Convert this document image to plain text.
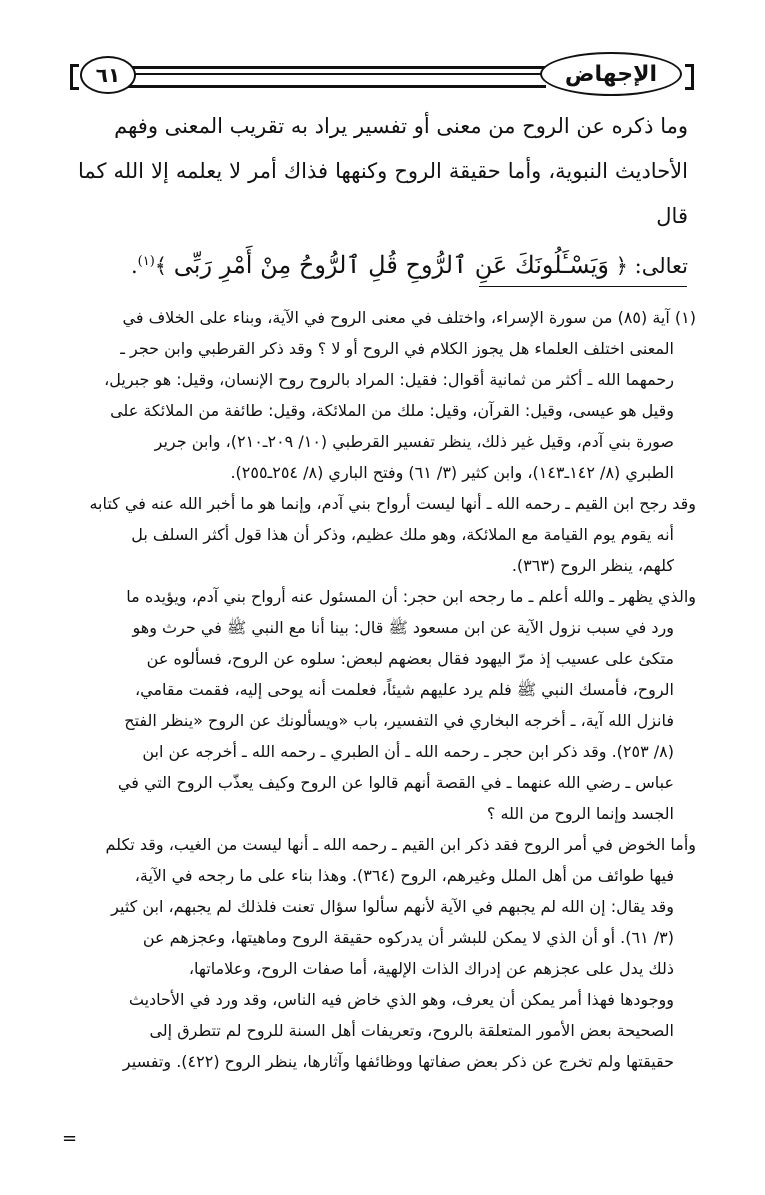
٦١	الإجهاض

وما ذكره عن الروح من معنى أو تفسير يراد به تقريب المعنى وفهم

الأحاديث النبوية، وأما حقيقة الروح وكنهها فذاك أمر لا يعلمه إلا الله كما قال

تعالى: ﴿ وَيَسْـَٔلُونَكَ عَنِ ٱلرُّوحِ قُلِ ٱلرُّوحُ مِنْ أَمْرِ رَبِّى ﴾$^{(١)}$.

(١) آية (٨٥) من سورة الإسراء، واختلف في معنى الروح في الآية، وبناء على الخلاف في

المعنى اختلف العلماء هل يجوز الكلام في الروح أو لا ؟ وقد ذكر القرطبي وابن حجر ـ

رحمهما الله ـ أكثر من ثمانية أقوال: فقيل: المراد بالروح روح الإنسان، وقيل: هو جبريل،

وقيل هو عيسى، وقيل: القرآن، وقيل: ملك من الملائكة، وقيل: طائفة من الملائكة على

صورة بني آدم، وقيل غير ذلك، ينظر تفسير القرطبي (١٠/ ٢٠٩ـ٢١٠)، وابن جرير

الطبري (٨/ ١٤٢ـ١٤٣)، وابن كثير (٣/ ٦١) وفتح الباري (٨/ ٢٥٤ـ٢٥٥).

وقد رجح ابن القيم ـ رحمه الله ـ أنها ليست أرواح بني آدم، وإنما هو ما أخبر الله عنه في كتابه

أنه يقوم يوم القيامة مع الملائكة، وهو ملك عظيم، وذكر أن هذا قول أكثر السلف بل

كلهم، ينظر الروح (٣٦٣).

والذي يظهر ـ والله أعلم ـ ما رجحه ابن حجر: أن المسئول عنه أرواح بني آدم، ويؤيده ما

ورد في سبب نزول الآية عن ابن مسعود ﷺ قال: بينا أنا مع النبي ﷺ في حرث وهو

متكئ على عسيب إذ مرّ اليهود فقال بعضهم لبعض: سلوه عن الروح، فسألوه عن

الروح، فأمسك النبي ﷺ فلم يرد عليهم شيئاً، فعلمت أنه يوحى إليه، فقمت مقامي،

فانزل الله آية، ـ أخرجه البخاري في التفسير، باب «ويسألونك عن الروح «ينظر الفتح

(٨/ ٢٥٣). وقد ذكر ابن حجر ـ رحمه الله ـ أن الطبري ـ رحمه الله ـ أخرجه عن ابن

عباس ـ رضي الله عنهما ـ في القصة أنهم قالوا عن الروح وكيف يعذّب الروح التي في

الجسد وإنما الروح من الله ؟

وأما الخوض في أمر الروح فقد ذكر ابن القيم ـ رحمه الله ـ أنها ليست من الغيب، وقد تكلم

فيها طوائف من أهل الملل وغيرهم، الروح (٣٦٤). وهذا بناء على ما رجحه في الآية،

وقد يقال: إن الله لم يجبهم في الآية لأنهم سألوا سؤال تعنت فلذلك لم يجبهم، ابن كثير

(٣/ ٦١). أو أن الذي لا يمكن للبشر أن يدركوه حقيقة الروح وماهيتها، وعجزهم عن

ذلك يدل على عجزهم عن إدراك الذات الإلهية، أما صفات الروح، وعلاماتها،

ووجودها فهذا أمر يمكن أن يعرف، وهو الذي خاض فيه الناس، وقد ورد في الأحاديث

الصحيحة بعض الأمور المتعلقة بالروح، وتعريفات أهل السنة للروح لم تتطرق إلى

حقيقتها ولم تخرج عن ذكر بعض صفاتها ووظائفها وآثارها، ينظر الروح (٤٢٢). وتفسير

=
